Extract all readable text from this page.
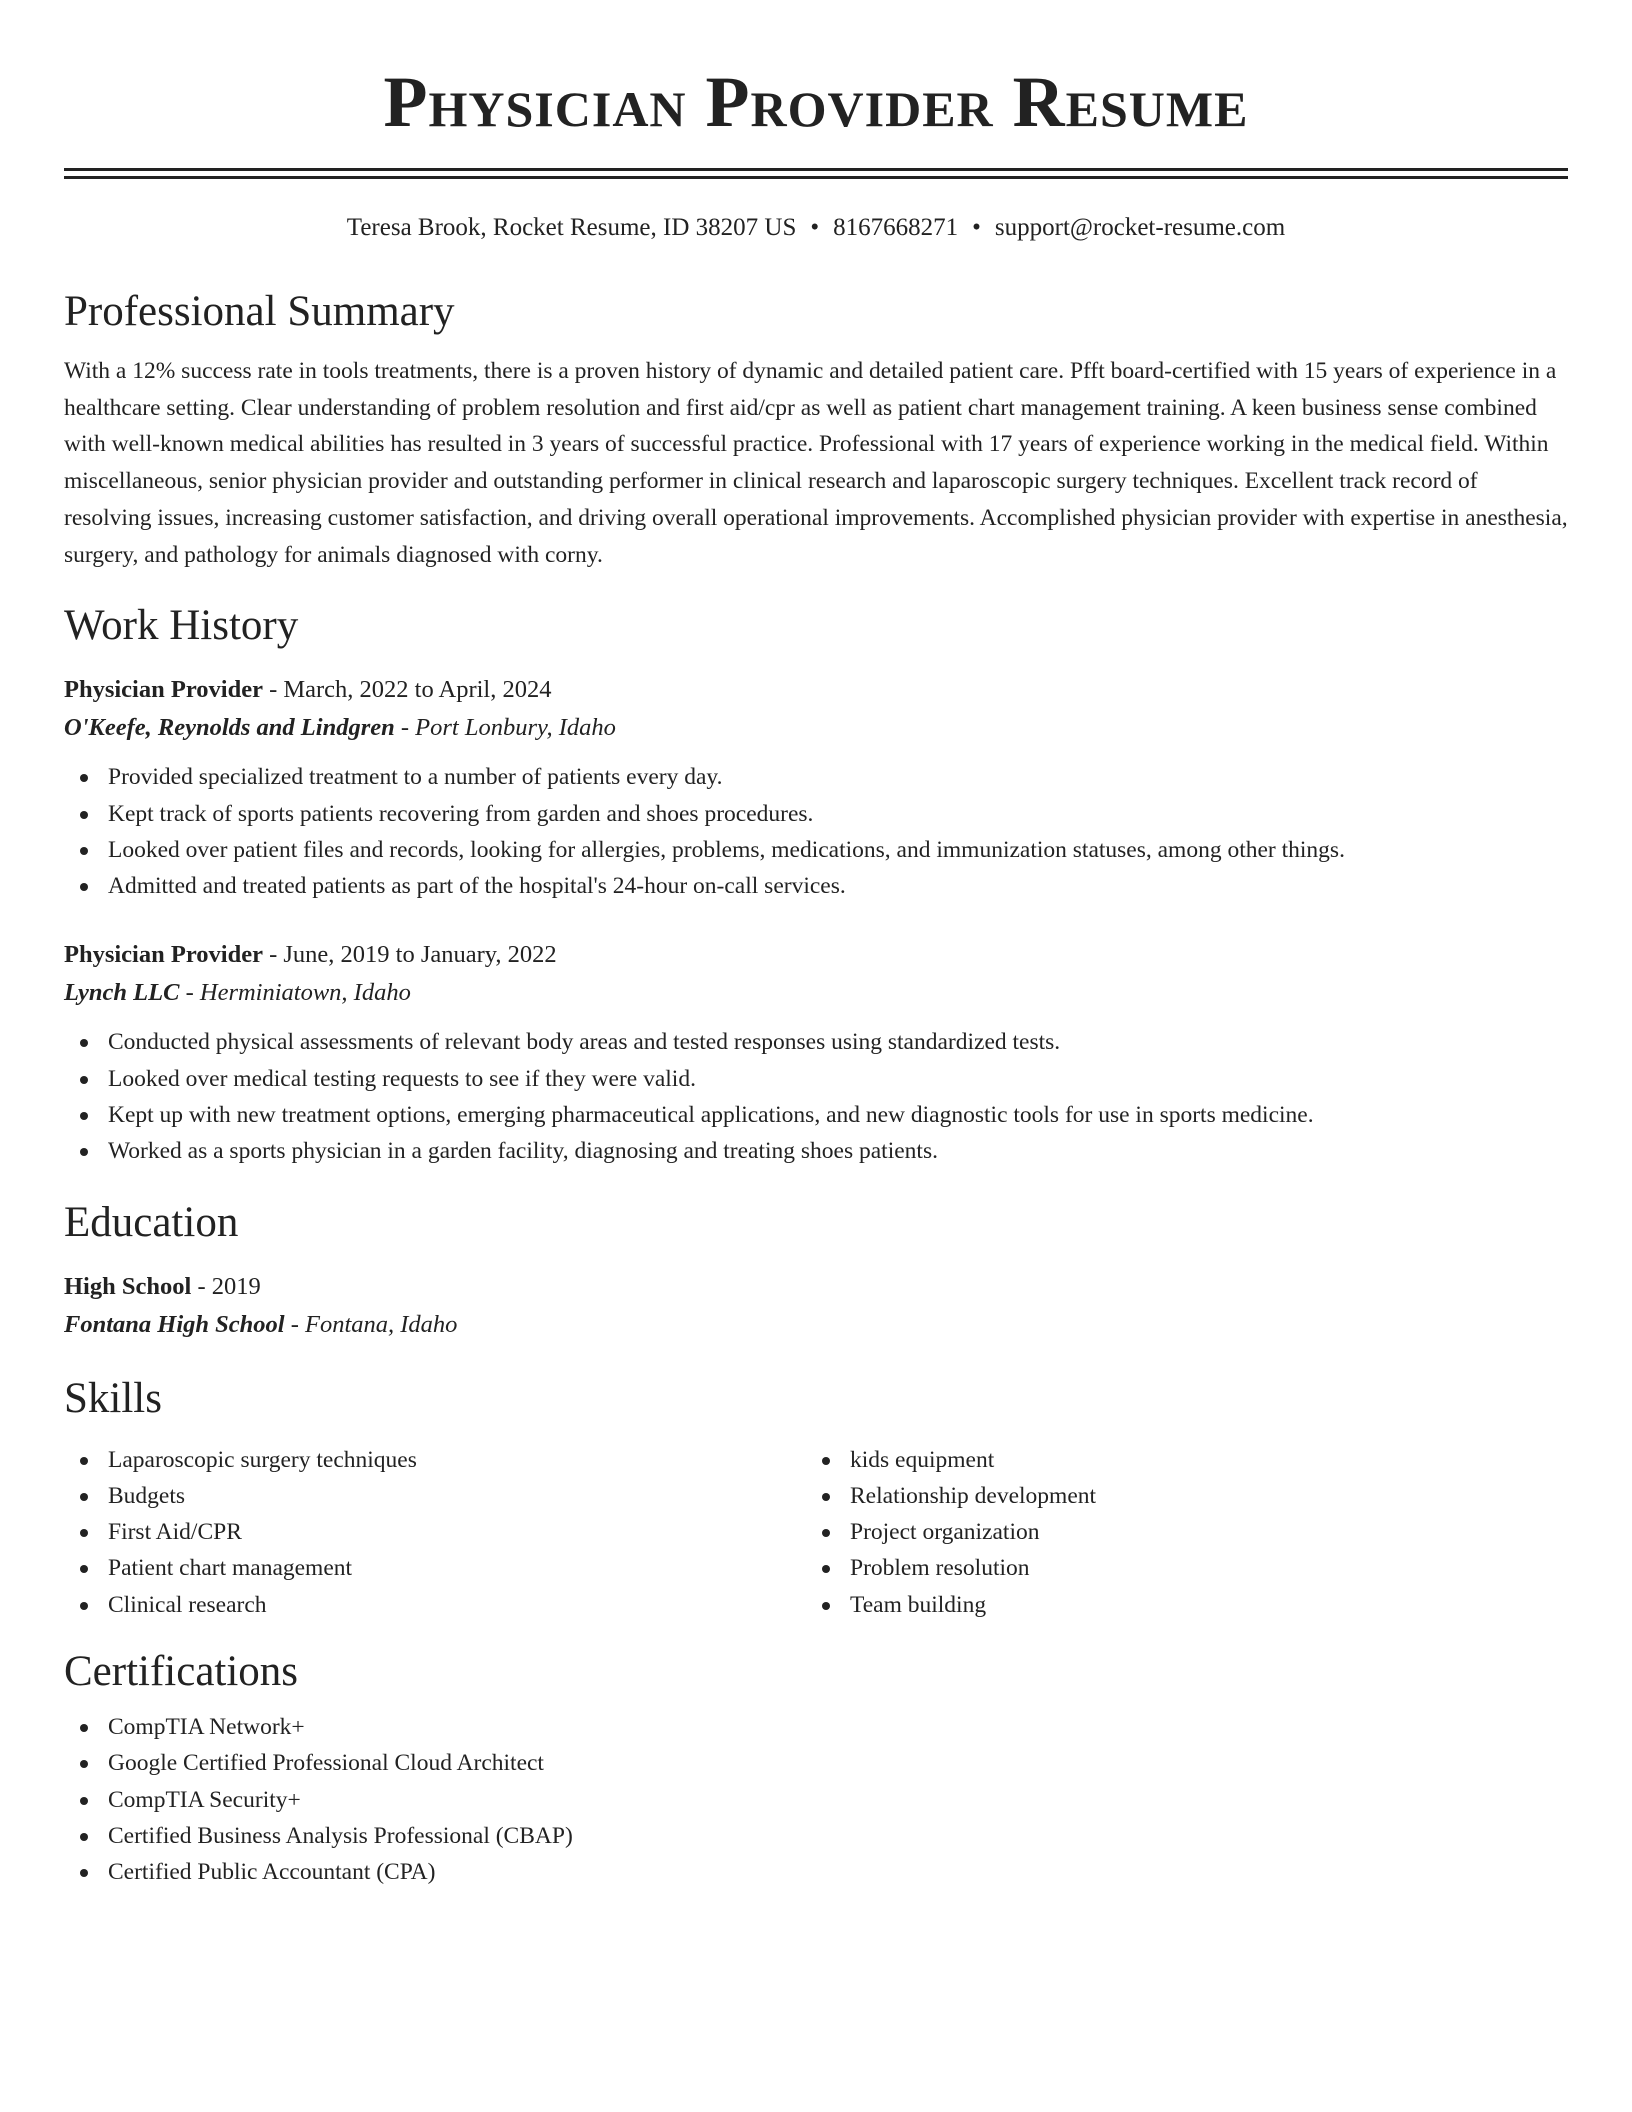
Physician Provider Resume
Teresa Brook, Rocket Resume, ID 38207 US • 8167668271 • support@rocket-resume.com
Professional Summary

With a 12% success rate in tools treatments, there is a proven history of dynamic and detailed patient care. Pfft board-certified with 15 years of experience in a healthcare setting. Clear understanding of problem resolution and first aid/cpr as well as patient chart management training. A keen business sense combined with well-known medical abilities has resulted in 3 years of successful practice. Professional with 17 years of experience working in the medical field. Within miscellaneous, senior physician provider and outstanding performer in clinical research and laparoscopic surgery techniques. Excellent track record of resolving issues, increasing customer satisfaction, and driving overall operational improvements. Accomplished physician provider with expertise in anesthesia, surgery, and pathology for animals diagnosed with corny.

Work History
Physician Provider - March, 2022 to April, 2024
O'Keefe, Reynolds and Lindgren - Port Lonbury, Idaho
Provided specialized treatment to a number of patients every day.
Kept track of sports patients recovering from garden and shoes procedures.
Looked over patient files and records, looking for allergies, problems, medications, and immunization statuses, among other things.
Admitted and treated patients as part of the hospital's 24-hour on-call services.
Physician Provider - June, 2019 to January, 2022
Lynch LLC - Herminiatown, Idaho
Conducted physical assessments of relevant body areas and tested responses using standardized tests.
Looked over medical testing requests to see if they were valid.
Kept up with new treatment options, emerging pharmaceutical applications, and new diagnostic tools for use in sports medicine.
Worked as a sports physician in a garden facility, diagnosing and treating shoes patients.
Education
High School - 2019
Fontana High School - Fontana, Idaho
Skills
Laparoscopic surgery techniques
Budgets
First Aid/CPR
Patient chart management
Clinical research
kids equipment
Relationship development
Project organization
Problem resolution
Team building
Certifications
CompTIA Network+
Google Certified Professional Cloud Architect
CompTIA Security+
Certified Business Analysis Professional (CBAP)
Certified Public Accountant (CPA)
